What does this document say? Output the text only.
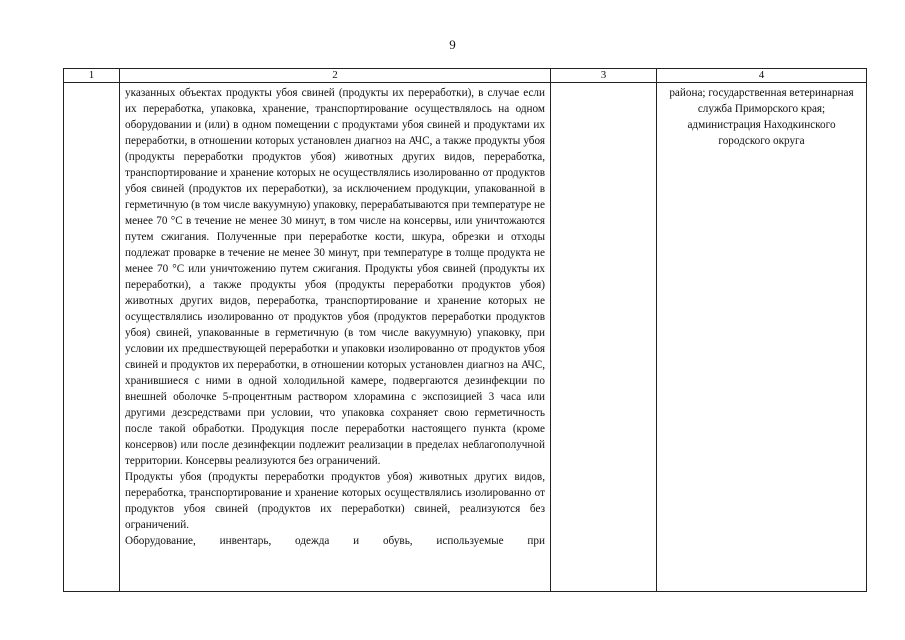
9
1	2	3	4

	указанных объектах продукты убоя свиней (продукты их переработки), в случае если их переработка, упаковка, хранение, транспортирование осуществлялось на одном оборудовании и (или) в одном помещении с продуктами убоя свиней и продуктами их переработки, в отношении которых установлен диагноз на АЧС, а также продукты убоя (продукты переработки продуктов убоя) животных других видов, переработка, транспортирование и хранение которых не осуществлялись изолированно от продуктов убоя свиней (продуктов их переработки), за исключением продукции, упакованной в герметичную (в том числе вакуумную) упаковку, перерабатываются при температуре не менее 70 °С в течение не менее 30 минут, в том числе на консервы, или уничтожаются путем сжигания. Полученные при переработке кости, шкура, обрезки и отходы подлежат проварке в течение не менее 30 минут, при температуре в толще продукта не менее 70 °С или уничтожению путем сжигания. Продукты убоя свиней (продукты их переработки), а также продукты убоя (продукты переработки продуктов убоя) животных других видов, переработка, транспортирование и хранение которых не осуществлялись изолированно от продуктов убоя (продуктов переработки продуктов убоя) свиней, упакованные в герметичную (в том числе вакуумную) упаковку, при условии их предшествующей переработки и упаковки изолированно от продуктов убоя свиней и продуктов их переработки, в отношении которых установлен диагноз на АЧС, хранившиеся с ними в одной холодильной камере, подвергаются дезинфекции по внешней оболочке 5-процентным раствором хлорамина с экспозицией 3 часа или другими дезсредствами при условии, что упаковка сохраняет свою герметичность после такой обработки. Продукция после переработки настоящего пункта (кроме консервов) или после дезинфекции подлежит реализации в пределах неблагополучной территории. Консервы реализуются без ограничений.

Продукты убоя (продукты переработки продуктов убоя) животных других видов, переработка, транспортирование и хранение которых осуществлялись изолированно от продуктов убоя свиней (продуктов их переработки) свиней, реализуются без ограничений.

Оборудование, инвентарь, одежда и обувь, используемые при		района; государственная ветеринарная служба Приморского края; администрация Находкинского городского округа
